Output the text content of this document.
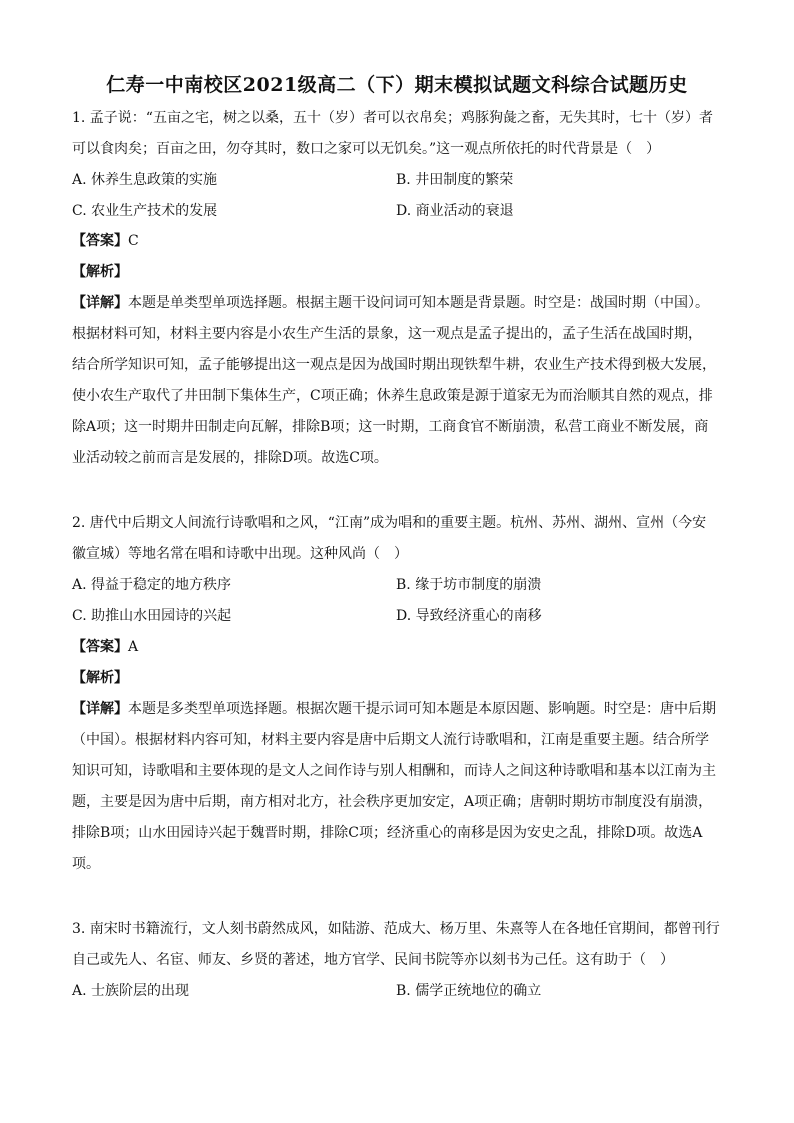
仁寿一中南校区2021级高二（下）期末模拟试题文科综合试题历史
1. 孟子说：“五亩之宅，树之以桑，五十（岁）者可以衣帛矣；鸡豚狗彘之畜，无失其时，七十（岁）者
可以食肉矣；百亩之田，勿夺其时，数口之家可以无饥矣。”这一观点所依托的时代背景是（　）
A. 休养生息政策的实施	B. 井田制度的繁荣
C. 农业生产技术的发展	D. 商业活动的衰退
【答案】C
【解析】
【详解】本题是单类型单项选择题。根据主题干设问词可知本题是背景题。时空是：战国时期（中国）。
根据材料可知，材料主要内容是小农生产生活的景象，这一观点是孟子提出的，孟子生活在战国时期，
结合所学知识可知，孟子能够提出这一观点是因为战国时期出现铁犁牛耕，农业生产技术得到极大发展，
使小农生产取代了井田制下集体生产，C项正确；休养生息政策是源于道家无为而治顺其自然的观点，排
除A项；这一时期井田制走向瓦解，排除B项；这一时期，工商食官不断崩溃，私营工商业不断发展，商
业活动较之前而言是发展的，排除D项。故选C项。
2. 唐代中后期文人间流行诗歌唱和之风，“江南”成为唱和的重要主题。杭州、苏州、湖州、宣州（今安
徽宣城）等地名常在唱和诗歌中出现。这种风尚（　）
A. 得益于稳定的地方秩序	B. 缘于坊市制度的崩溃
C. 助推山水田园诗的兴起	D. 导致经济重心的南移
【答案】A
【解析】
【详解】本题是多类型单项选择题。根据次题干提示词可知本题是本原因题、影响题。时空是：唐中后期
（中国）。根据材料内容可知，材料主要内容是唐中后期文人流行诗歌唱和，江南是重要主题。结合所学
知识可知，诗歌唱和主要体现的是文人之间作诗与别人相酬和，而诗人之间这种诗歌唱和基本以江南为主
题，主要是因为唐中后期，南方相对北方，社会秩序更加安定，A项正确；唐朝时期坊市制度没有崩溃，
排除B项；山水田园诗兴起于魏晋时期，排除C项；经济重心的南移是因为安史之乱，排除D项。故选A
项。
3. 南宋时书籍流行，文人刻书蔚然成风，如陆游、范成大、杨万里、朱熹等人在各地任官期间，都曾刊行
自己或先人、名宦、师友、乡贤的著述，地方官学、民间书院等亦以刻书为己任。这有助于（　）
A. 士族阶层的出现	B. 儒学正统地位的确立
